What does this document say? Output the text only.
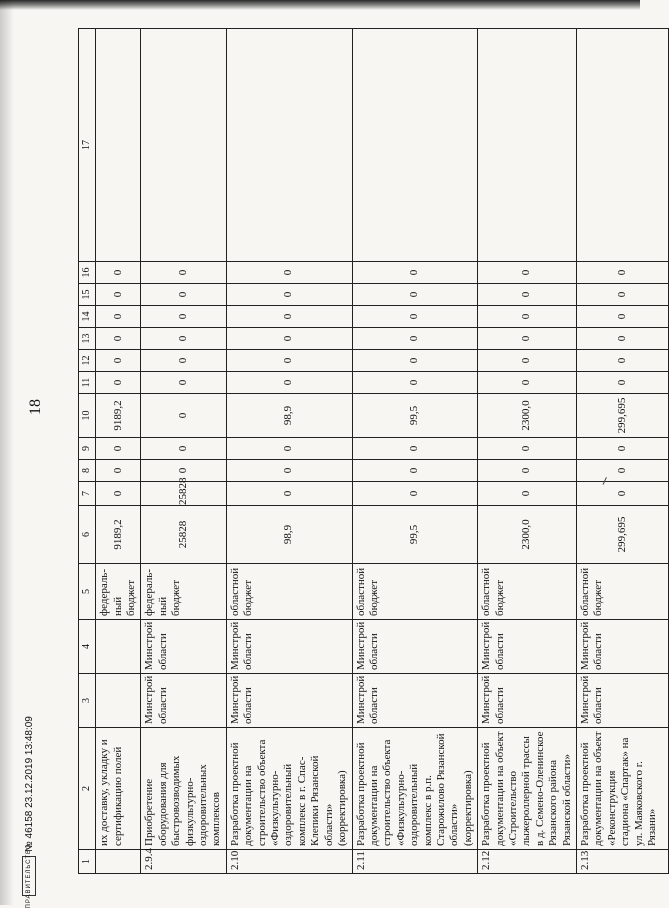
18
1	2	3	4	5	6	7	8	9	10	11	12	13	14	15	16	17
	их доставку, укладку и сертификацию полей			федераль-ный бюджет	9189,2	0	0	0	9189,2	0	0	0	0	0	0	
2.9.4	Приобретение оборудования для быстровозводимых физкультурно-оздоровительных комплексов	Минстрой области	Минстрой области	федераль-ный бюджет	25828	25828	0	0	0	0	0	0	0	0	0	
2.10	Разработка проектной документации на строительство объекта «Физкультурно-оздоровительный комплекс в г. Спас-Клепики Рязанской области» (корректировка)	Минстрой области	Минстрой области	областной бюджет	98,9	0	0	0	98,9	0	0	0	0	0	0	
2.11	Разработка проектной документации на строительство объекта «Физкультурно-оздоровительный комплекс в р.п. Старожилово Рязанской области» (корректировка)	Минстрой области	Минстрой области	областной бюджет	99,5	0	0	0	99,5	0	0	0	0	0	0	
2.12	Разработка проектной документации на объект «Строительство лыжероллерной трассы в д. Семено-Оленинское Рязанского района Рязанской области»	Минстрой области	Минстрой области	областной бюджет	2300,0	0	0	0	2300,0	0	0	0	0	0	0	
2.13	Разработка проектной документации на объект «Реконструкция стадиона «Спартак» на ул. Маяковского г. Рязани»	Минстрой области	Минстрой области	областной бюджет	299,695	0	0	0	299,695	0	0	0	0	0	0	
ПРАВИТЕЛЬСТВО
№ 46158 23.12.2019 13:48:09
